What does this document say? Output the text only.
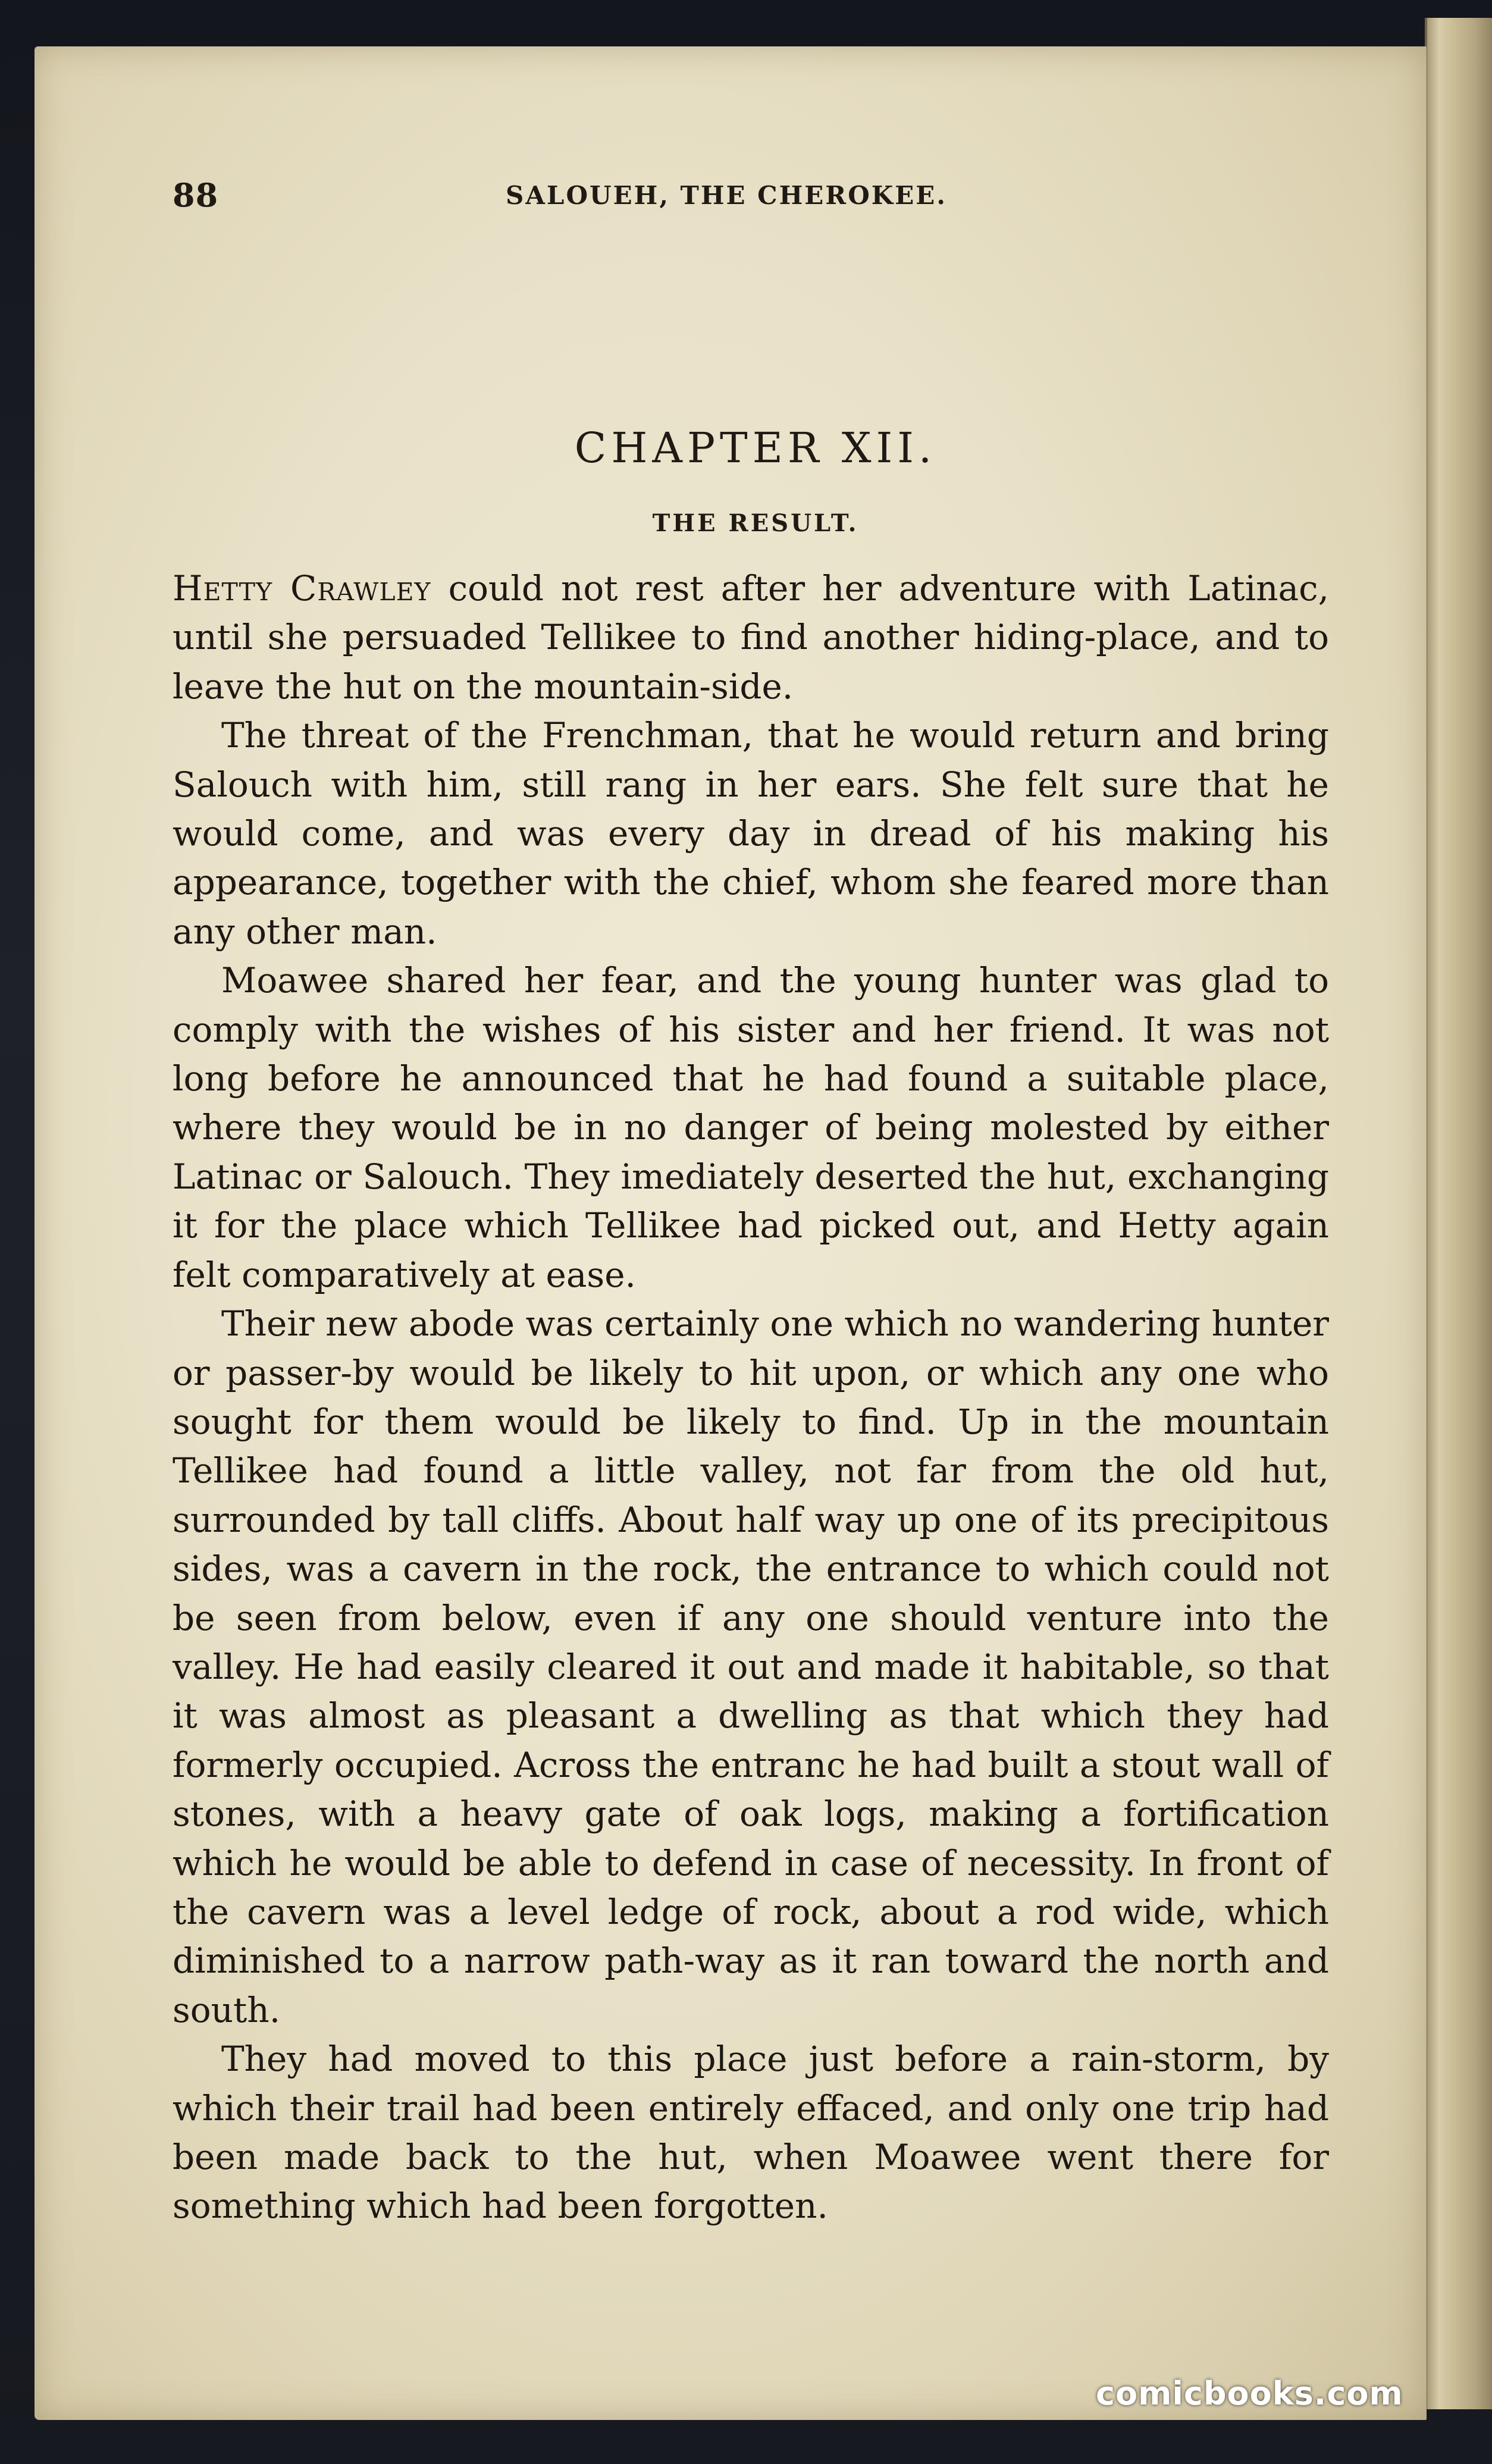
88	SALOUEH, THE CHEROKEE.
CHAPTER XII.
THE RESULT.

Hetty Crawley could not rest after her adventure with Latinac, until she persuaded Tellikee to find another hiding-place, and to leave the hut on the mountain-side.

The threat of the Frenchman, that he would return and bring Salouch with him, still rang in her ears. She felt sure that he would come, and was every day in dread of his making his appearance, together with the chief, whom she feared more than any other man.

Moawee shared her fear, and the young hunter was glad to comply with the wishes of his sister and her friend. It was not long before he announced that he had found a suitable place, where they would be in no danger of being molested by either Latinac or Salouch. They imediately deserted the hut, exchanging it for the place which Tellikee had picked out, and Hetty again felt comparatively at ease.

Their new abode was certainly one which no wandering hunter or passer-by would be likely to hit upon, or which any one who sought for them would be likely to find. Up in the mountain Tellikee had found a little valley, not far from the old hut, surrounded by tall cliffs. About half way up one of its precipitous sides, was a cavern in the rock, the entrance to which could not be seen from below, even if any one should venture into the valley. He had easily cleared it out and made it habitable, so that it was almost as pleasant a dwelling as that which they had formerly occupied. Across the entranc he had built a stout wall of stones, with a heavy gate of oak logs, making a fortification which he would be able to defend in case of necessity. In front of the cavern was a level ledge of rock, about a rod wide, which diminished to a narrow path-way as it ran toward the north and south.

They had moved to this place just before a rain-storm, by which their trail had been entirely effaced, and only one trip had been made back to the hut, when Moawee went there for something which had been forgotten.

comicbooks.com
